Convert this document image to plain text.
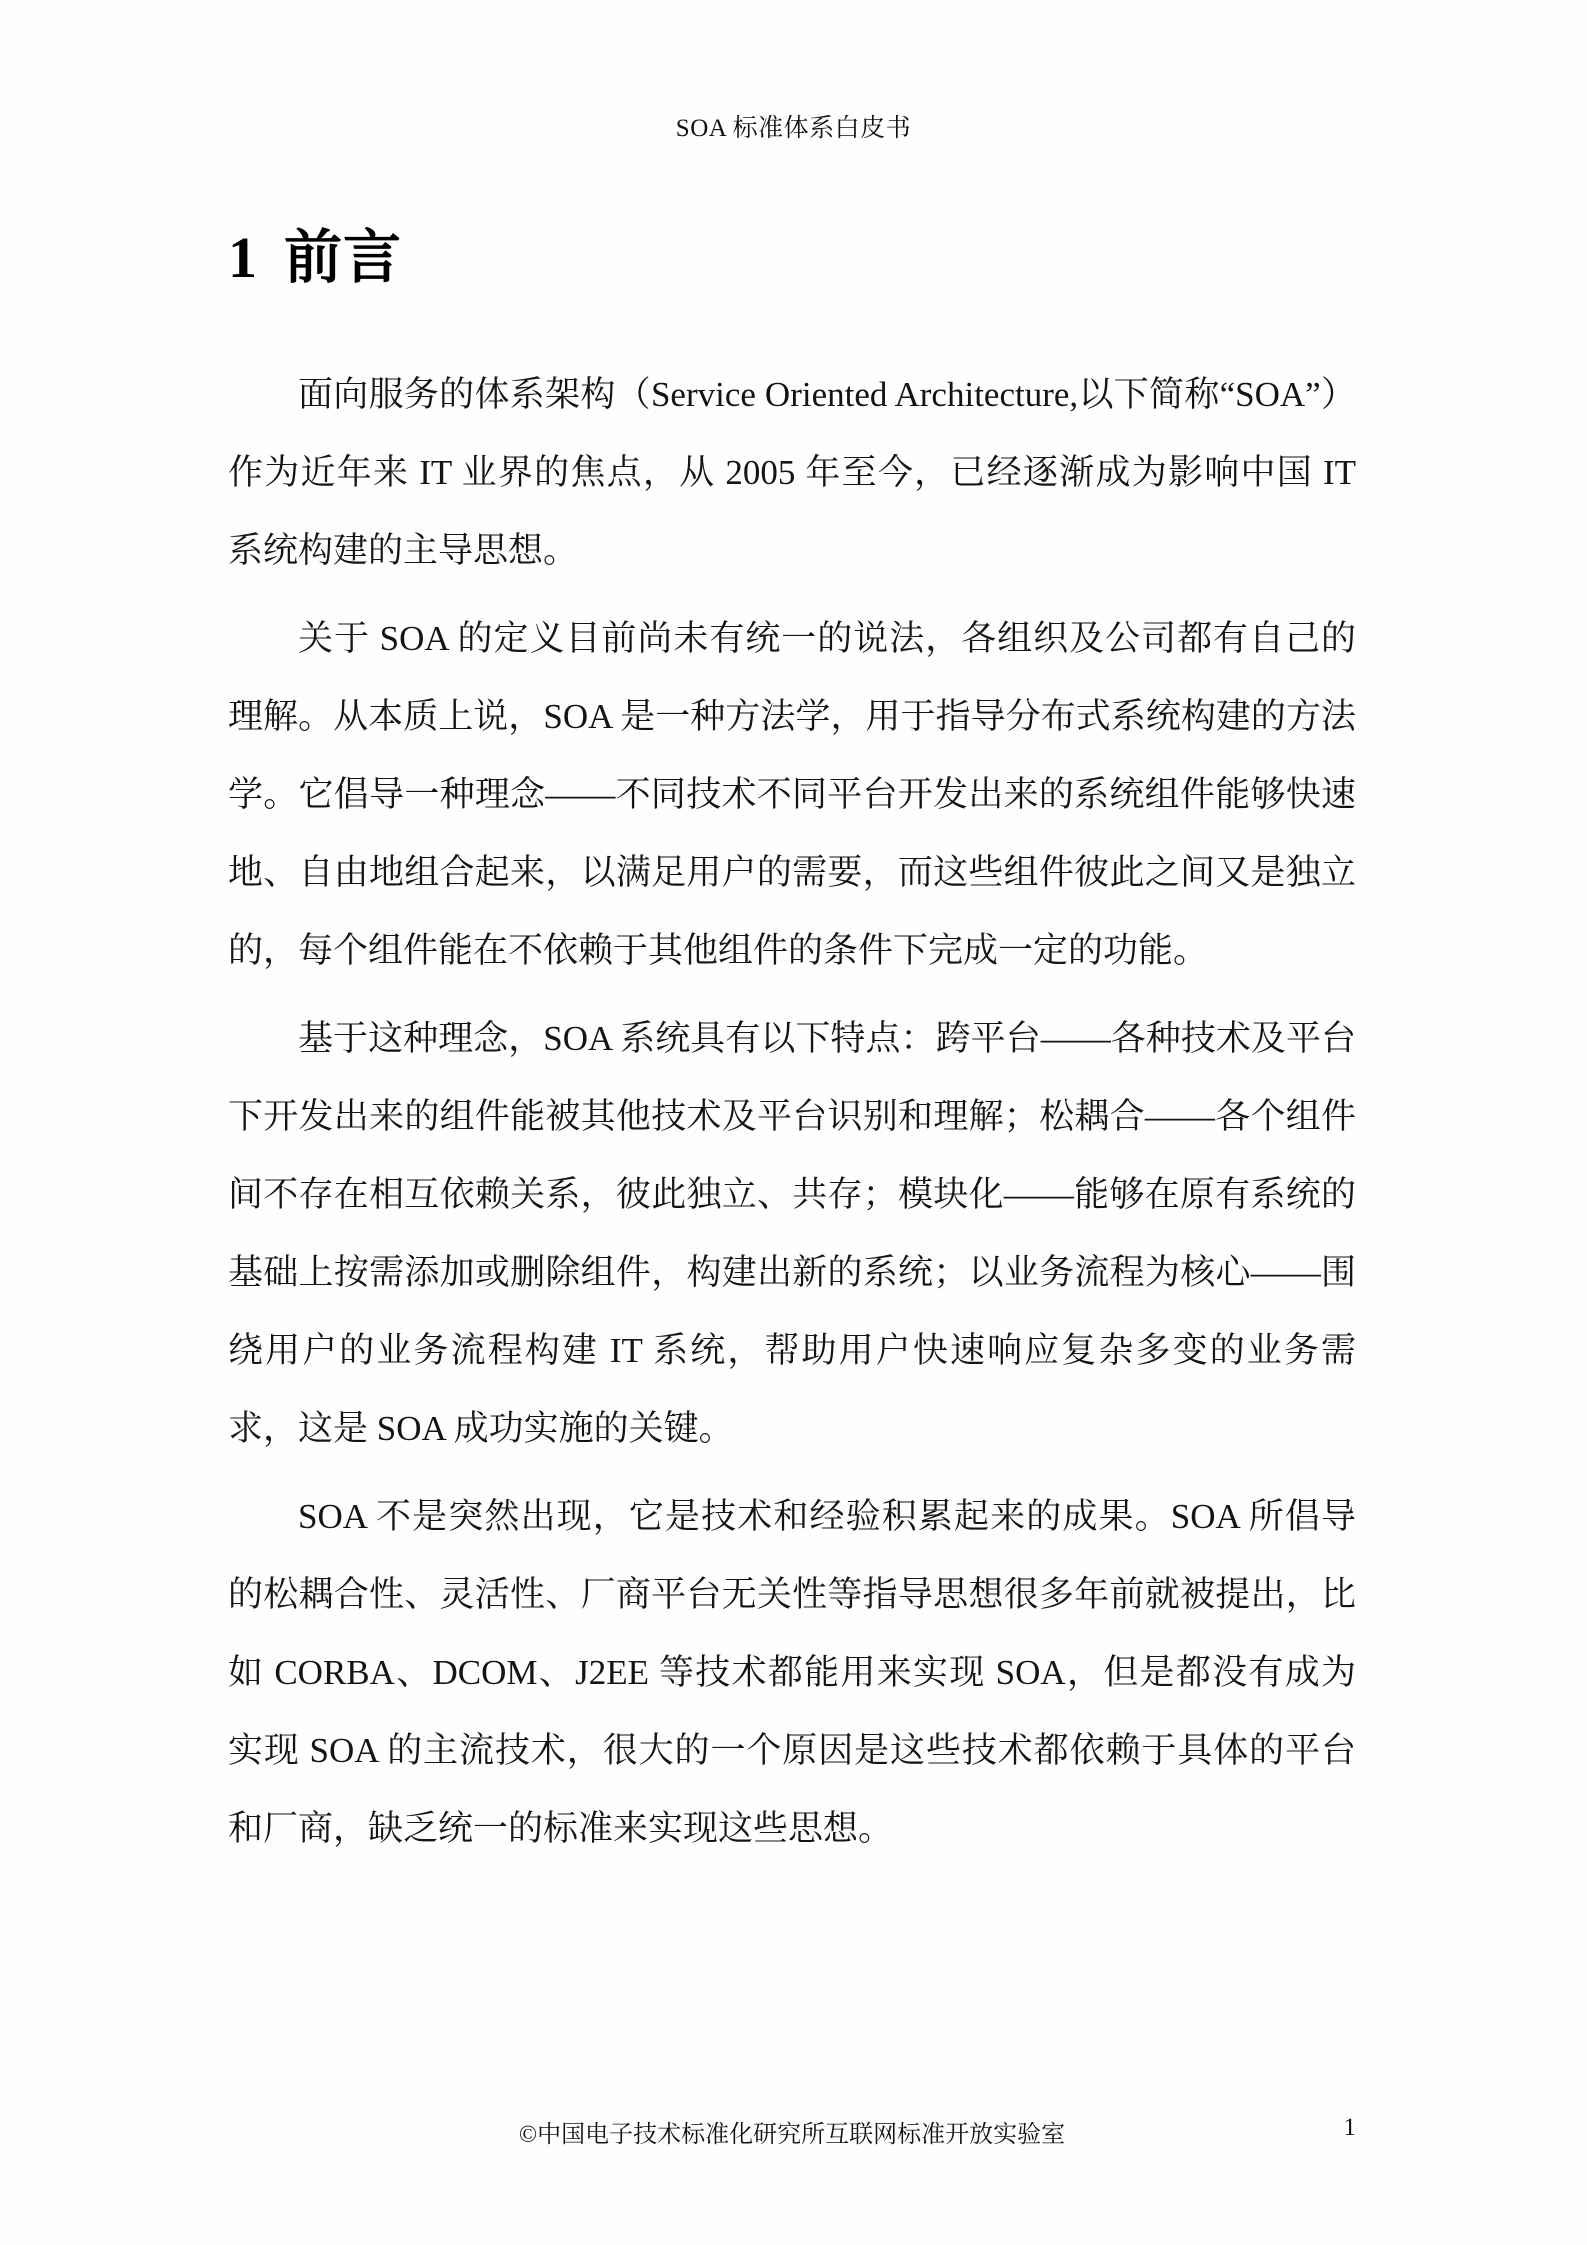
SOA 标准体系白皮书
1 前言

面向服务的体系架构（Service Oriented Architecture,以下简称“SOA”）作为近年来 IT 业界的焦点，从 2005 年至今，已经逐渐成为影响中国 IT 系统构建的主导思想。

关于 SOA 的定义目前尚未有统一的说法，各组织及公司都有自己的理解。从本质上说，SOA 是一种方法学，用于指导分布式系统构建的方法学。它倡导一种理念——不同技术不同平台开发出来的系统组件能够快速地、自由地组合起来，以满足用户的需要，而这些组件彼此之间又是独立的，每个组件能在不依赖于其他组件的条件下完成一定的功能。

基于这种理念，SOA 系统具有以下特点：跨平台——各种技术及平台下开发出来的组件能被其他技术及平台识别和理解；松耦合——各个组件间不存在相互依赖关系，彼此独立、共存；模块化——能够在原有系统的基础上按需添加或删除组件，构建出新的系统；以业务流程为核心——围绕用户的业务流程构建 IT 系统，帮助用户快速响应复杂多变的业务需求，这是 SOA 成功实施的关键。

SOA 不是突然出现，它是技术和经验积累起来的成果。SOA 所倡导的松耦合性、灵活性、厂商平台无关性等指导思想很多年前就被提出，比如 CORBA、DCOM、J2EE 等技术都能用来实现 SOA，但是都没有成为实现 SOA 的主流技术，很大的一个原因是这些技术都依赖于具体的平台和厂商，缺乏统一的标准来实现这些思想。

©中国电子技术标准化研究所互联网标准开放实验室	1
